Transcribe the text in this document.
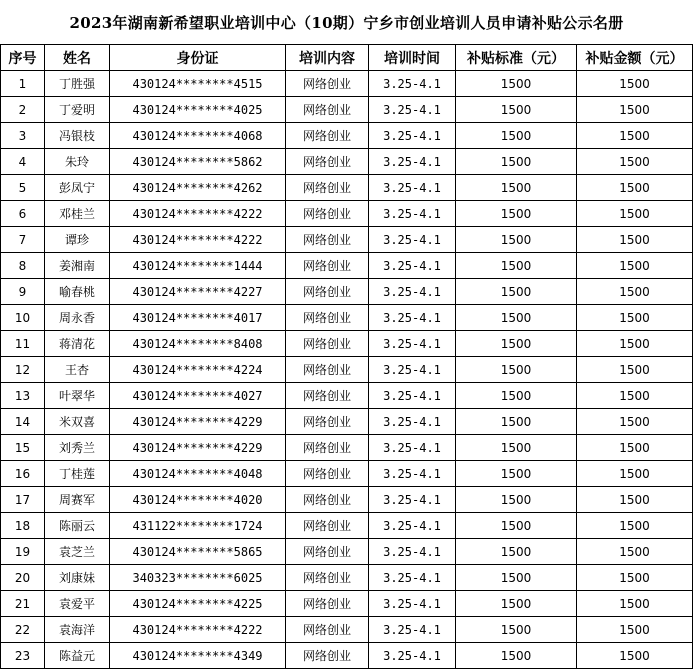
2023年湖南新希望职业培训中心（10期）宁乡市创业培训人员申请补贴公示名册
序号	姓名	身份证	培训内容	培训时间	补贴标准（元）	补贴金额（元）
1	丁胜强	430124********4515	网络创业	3.25-4.1	1500	1500
2	丁爱明	430124********4025	网络创业	3.25-4.1	1500	1500
3	冯银枝	430124********4068	网络创业	3.25-4.1	1500	1500
4	朱玲	430124********5862	网络创业	3.25-4.1	1500	1500
5	彭凤宁	430124********4262	网络创业	3.25-4.1	1500	1500
6	邓桂兰	430124********4222	网络创业	3.25-4.1	1500	1500
7	谭珍	430124********4222	网络创业	3.25-4.1	1500	1500
8	姜湘南	430124********1444	网络创业	3.25-4.1	1500	1500
9	喻春桃	430124********4227	网络创业	3.25-4.1	1500	1500
10	周永香	430124********4017	网络创业	3.25-4.1	1500	1500
11	蒋清花	430124********8408	网络创业	3.25-4.1	1500	1500
12	王杏	430124********4224	网络创业	3.25-4.1	1500	1500
13	叶翠华	430124********4027	网络创业	3.25-4.1	1500	1500
14	米双喜	430124********4229	网络创业	3.25-4.1	1500	1500
15	刘秀兰	430124********4229	网络创业	3.25-4.1	1500	1500
16	丁桂莲	430124********4048	网络创业	3.25-4.1	1500	1500
17	周赛军	430124********4020	网络创业	3.25-4.1	1500	1500
18	陈丽云	431122********1724	网络创业	3.25-4.1	1500	1500
19	袁芝兰	430124********5865	网络创业	3.25-4.1	1500	1500
20	刘康妹	340323********6025	网络创业	3.25-4.1	1500	1500
21	袁爱平	430124********4225	网络创业	3.25-4.1	1500	1500
22	袁海洋	430124********4222	网络创业	3.25-4.1	1500	1500
23	陈益元	430124********4349	网络创业	3.25-4.1	1500	1500
